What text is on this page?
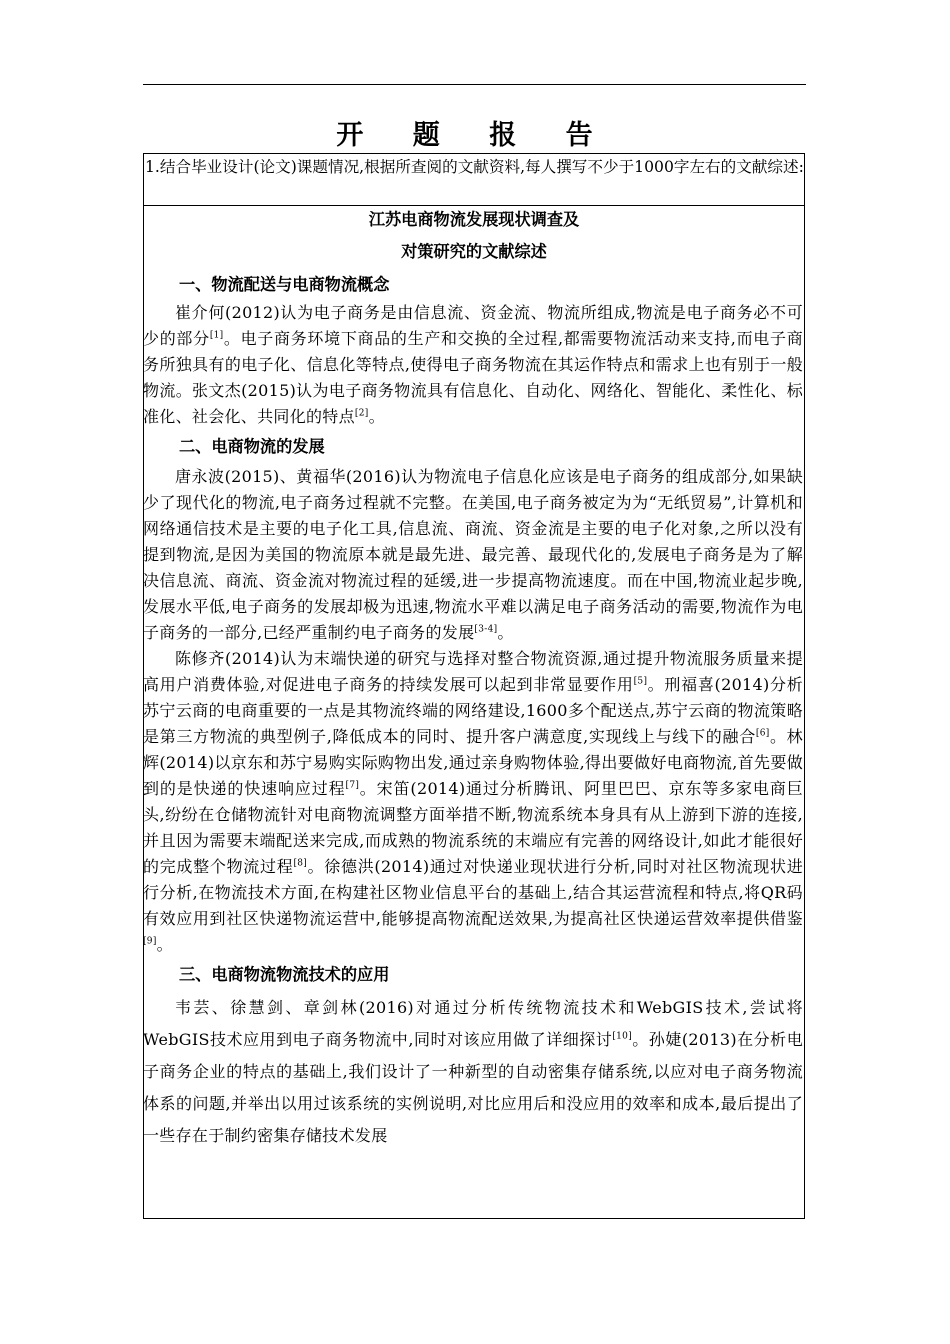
开 题 报 告
1.结合毕业设计(论文)课题情况,根据所查阅的文献资料,每人撰写不少于1000字左右的文献综述:

江苏电商物流发展现状调查及

对策研究的文献综述

一、物流配送与电商物流概念

崔介何(2012)认为电子商务是由信息流、资金流、物流所组成,物流是电子商务必不可少的部分[1]。电子商务环境下商品的生产和交换的全过程,都需要物流活动来支持,而电子商务所独具有的电子化、信息化等特点,使得电子商务物流在其运作特点和需求上也有别于一般物流。张文杰(2015)认为电子商务物流具有信息化、自动化、网络化、智能化、柔性化、标准化、社会化、共同化的特点[2]。

二、电商物流的发展

唐永波(2015)、黄福华(2016)认为物流电子信息化应该是电子商务的组成部分,如果缺少了现代化的物流,电子商务过程就不完整。在美国,电子商务被定为为“无纸贸易”,计算机和网络通信技术是主要的电子化工具,信息流、商流、资金流是主要的电子化对象,之所以没有提到物流,是因为美国的物流原本就是最先进、最完善、最现代化的,发展电子商务是为了解决信息流、商流、资金流对物流过程的延缓,进一步提高物流速度。而在中国,物流业起步晚,发展水平低,电子商务的发展却极为迅速,物流水平难以满足电子商务活动的需要,物流作为电子商务的一部分,已经严重制约电子商务的发展[3-4]。

陈修齐(2014)认为末端快递的研究与选择对整合物流资源,通过提升物流服务质量来提高用户消费体验,对促进电子商务的持续发展可以起到非常显要作用[5]。刑福喜(2014)分析苏宁云商的电商重要的一点是其物流终端的网络建设,1600多个配送点,苏宁云商的物流策略是第三方物流的典型例子,降低成本的同时、提升客户满意度,实现线上与线下的融合[6]。林辉(2014)以京东和苏宁易购实际购物出发,通过亲身购物体验,得出要做好电商物流,首先要做到的是快递的快速响应过程[7]。宋笛(2014)通过分析腾讯、阿里巴巴、京东等多家电商巨头,纷纷在仓储物流针对电商物流调整方面举措不断,物流系统本身具有从上游到下游的连接,并且因为需要末端配送来完成,而成熟的物流系统的末端应有完善的网络设计,如此才能很好的完成整个物流过程[8]。徐德洪(2014)通过对快递业现状进行分析,同时对社区物流现状进行分析,在物流技术方面,在构建社区物业信息平台的基础上,结合其运营流程和特点,将QR码有效应用到社区快递物流运营中,能够提高物流配送效果,为提高社区快递运营效率提供借鉴[9]。

三、电商物流物流技术的应用

韦芸、徐慧剑、章剑林(2016)对通过分析传统物流技术和WebGIS技术,尝试将WebGIS技术应用到电子商务物流中,同时对该应用做了详细探讨[10]。孙婕(2013)在分析电子商务企业的特点的基础上,我们设计了一种新型的自动密集存储系统,以应对电子商务物流体系的问题,并举出以用过该系统的实例说明,对比应用后和没应用的效率和成本,最后提出了一些存在于制约密集存储技术发展
